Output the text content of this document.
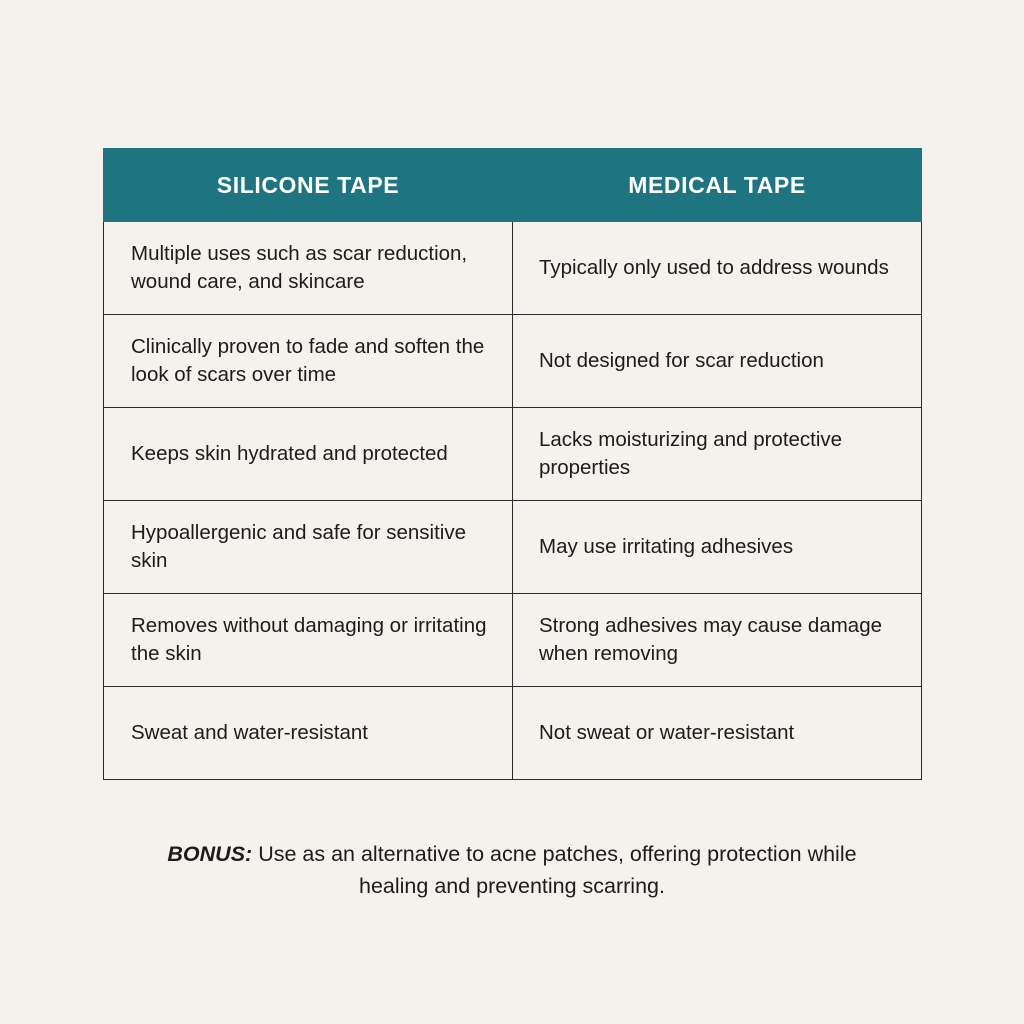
SILICONE TAPE	MEDICAL TAPE
Multiple uses such as scar reduction, wound care, and skincare	Typically only used to address wounds
Clinically proven to fade and soften the look of scars over time	Not designed for scar reduction
Keeps skin hydrated and protected	Lacks moisturizing and protective properties
Hypoallergenic and safe for sensitive skin	May use irritating adhesives
Removes without damaging or irritating the skin	Strong adhesives may cause damage when removing
Sweat and water-resistant	Not sweat or water-resistant
BONUS: Use as an alternative to acne patches, offering protection while healing and preventing scarring.
